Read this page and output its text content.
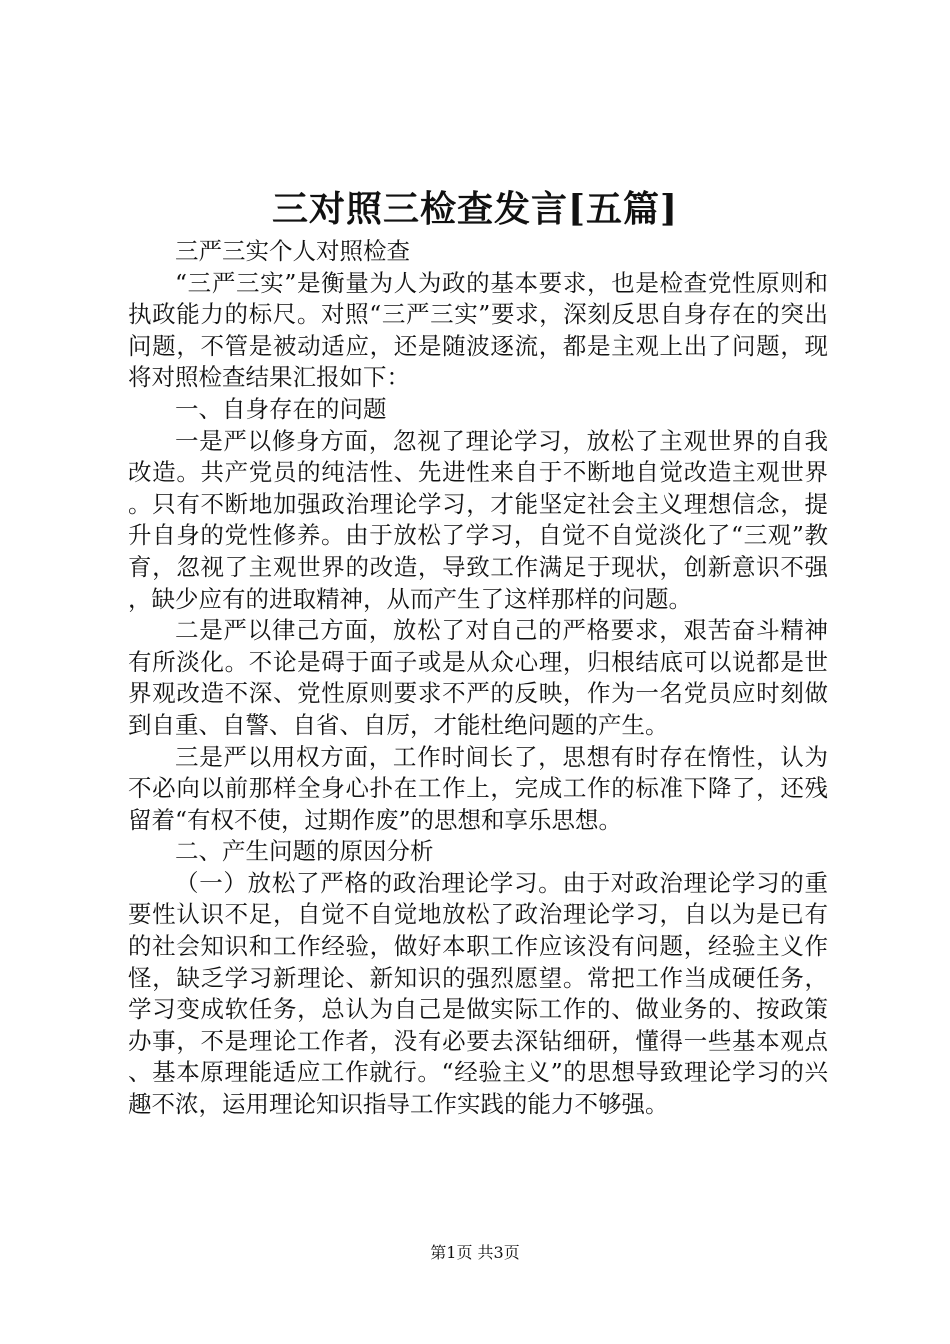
三对照三检查发言[五篇]

三严三实个人对照检查

“三严三实”是衡量为人为政的基本要求，也是检查党性原则和执政能力的标尺。对照“三严三实”要求，深刻反思自身存在的突出问题，不管是被动适应，还是随波逐流，都是主观上出了问题，现将对照检查结果汇报如下：

一、自身存在的问题

一是严以修身方面，忽视了理论学习，放松了主观世界的自我改造。共产党员的纯洁性、先进性来自于不断地自觉改造主观世界。只有不断地加强政治理论学习，才能坚定社会主义理想信念，提升自身的党性修养。由于放松了学习，自觉不自觉淡化了“三观”教育，忽视了主观世界的改造，导致工作满足于现状，创新意识不强，缺少应有的进取精神，从而产生了这样那样的问题。

二是严以律己方面，放松了对自己的严格要求，艰苦奋斗精神有所淡化。不论是碍于面子或是从众心理，归根结底可以说都是世界观改造不深、党性原则要求不严的反映，作为一名党员应时刻做到自重、自警、自省、自厉，才能杜绝问题的产生。

三是严以用权方面，工作时间长了，思想有时存在惰性，认为不必向以前那样全身心扑在工作上，完成工作的标准下降了，还残留着“有权不使，过期作废”的思想和享乐思想。

二、产生问题的原因分析

（一）放松了严格的政治理论学习。由于对政治理论学习的重要性认识不足，自觉不自觉地放松了政治理论学习，自以为是已有的社会知识和工作经验，做好本职工作应该没有问题，经验主义作怪，缺乏学习新理论、新知识的强烈愿望。常把工作当成硬任务，学习变成软任务，总认为自己是做实际工作的、做业务的、按政策办事，不是理论工作者，没有必要去深钻细研，懂得一些基本观点、基本原理能适应工作就行。“经验主义”的思想导致理论学习的兴趣不浓，运用理论知识指导工作实践的能力不够强。

第1页 共3页
